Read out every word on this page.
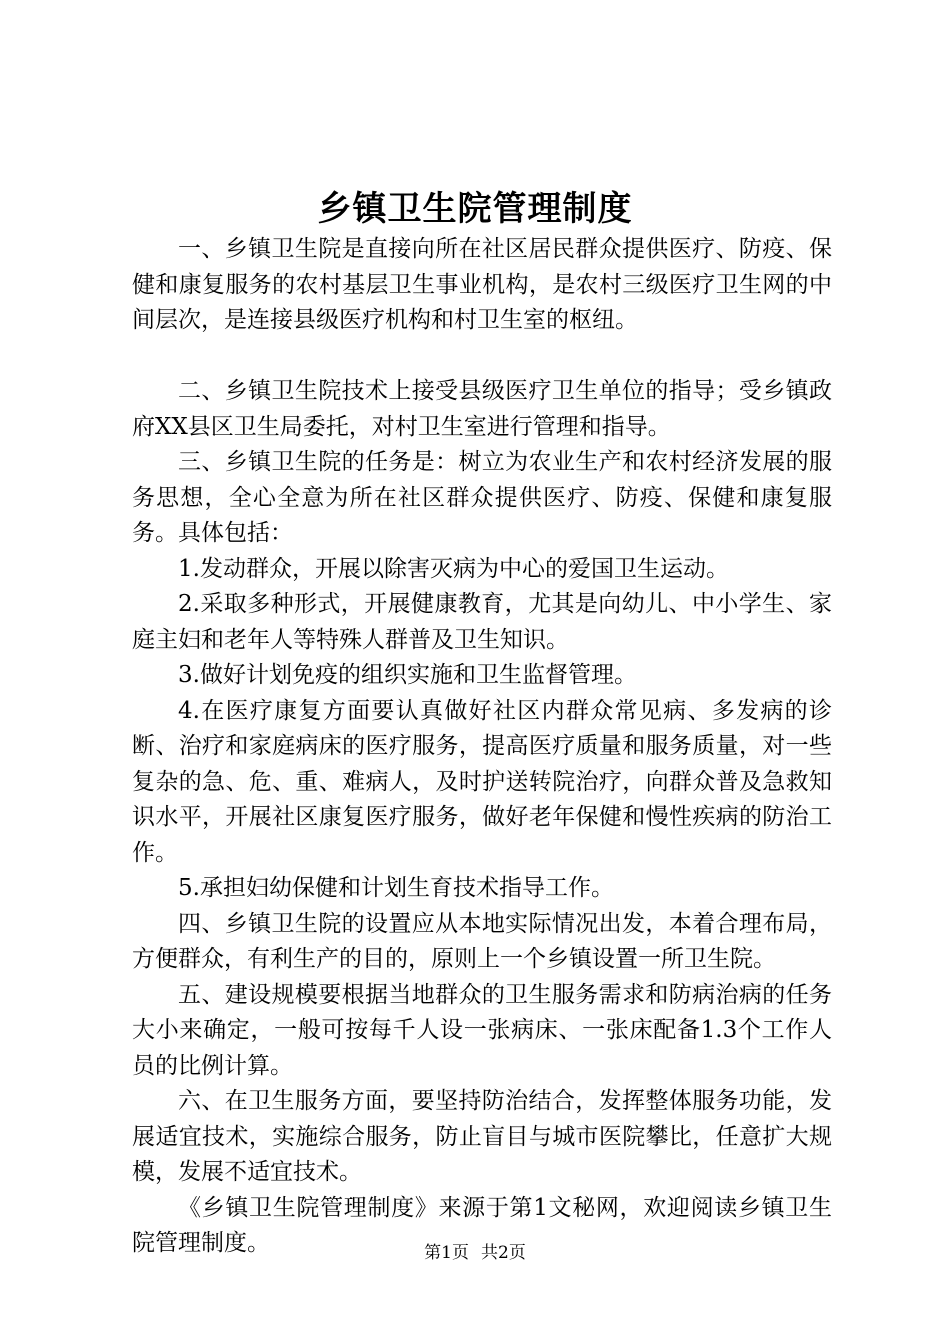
乡镇卫生院管理制度

一、乡镇卫生院是直接向所在社区居民群众提供医疗、防疫、保健和康复服务的农村基层卫生事业机构，是农村三级医疗卫生网的中间层次，是连接县级医疗机构和村卫生室的枢纽。

二、乡镇卫生院技术上接受县级医疗卫生单位的指导；受乡镇政府XX县区卫生局委托，对村卫生室进行管理和指导。

三、乡镇卫生院的任务是：树立为农业生产和农村经济发展的服务思想，全心全意为所在社区群众提供医疗、防疫、保健和康复服务。具体包括：

1.发动群众，开展以除害灭病为中心的爱国卫生运动。

2.采取多种形式，开展健康教育，尤其是向幼儿、中小学生、家庭主妇和老年人等特殊人群普及卫生知识。

3.做好计划免疫的组织实施和卫生监督管理。

4.在医疗康复方面要认真做好社区内群众常见病、多发病的诊断、治疗和家庭病床的医疗服务，提高医疗质量和服务质量，对一些复杂的急、危、重、难病人，及时护送转院治疗，向群众普及急救知识水平，开展社区康复医疗服务，做好老年保健和慢性疾病的防治工作。

5.承担妇幼保健和计划生育技术指导工作。

四、乡镇卫生院的设置应从本地实际情况出发，本着合理布局，方便群众，有利生产的目的，原则上一个乡镇设置一所卫生院。

五、建设规模要根据当地群众的卫生服务需求和防病治病的任务大小来确定，一般可按每千人设一张病床、一张床配备1.3个工作人员的比例计算。

六、在卫生服务方面，要坚持防治结合，发挥整体服务功能，发展适宜技术，实施综合服务，防止盲目与城市医院攀比，任意扩大规模，发展不适宜技术。

《乡镇卫生院管理制度》来源于第1文秘网，欢迎阅读乡镇卫生院管理制度。	第1页 共2页
